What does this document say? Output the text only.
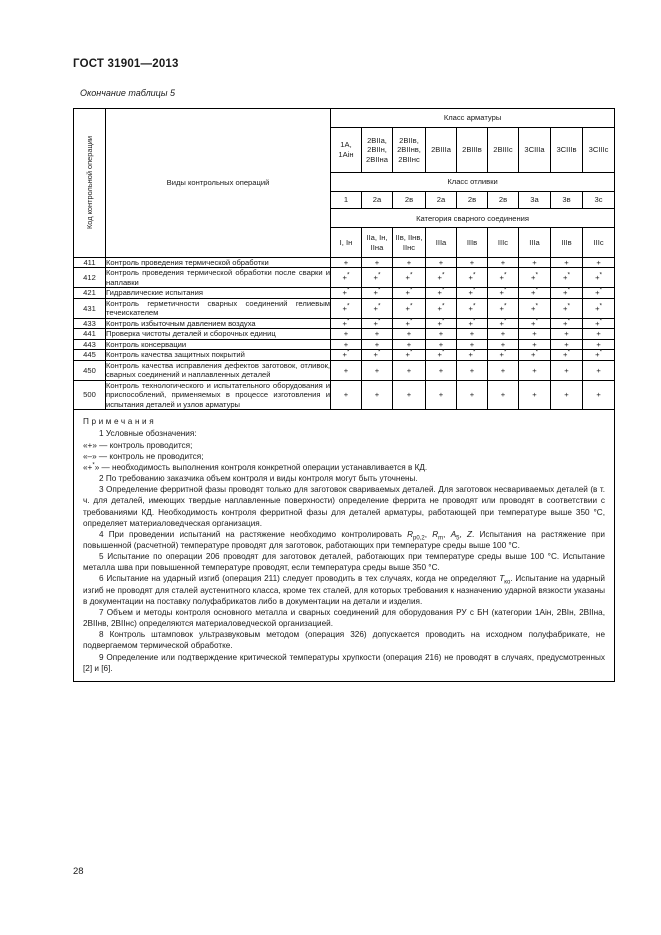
ГОСТ 31901—2013
Окончание таблицы 5
Код контрольной операции	Виды контрольных операций	Класс арматуры								
		1A,
1Aiн	2BIIа,
2BIIн,
2BIIна	2BIIв,
2BIIнв,
2BIIнс	2BIIIа	2BIIIв	2BIIIс	3CIIIа	3CIIIв	3CIIIс
		Класс отливки								
		1	2а	2в	2а	2в	2в	3а	3в	3с
		Категория сварного соединения								
		I, Iн	IIа, Iн,
IIна	IIв, IIнв,
IIнс	IIIа	IIIв	IIIс	IIIа	IIIв	IIIс
411	Контроль проведения термической обработки	+	+	+	+	+	+	+	+	+
412	Контроль проведения термической обработки после сварки и наплавки	+*	+*	+*	+*	+*	+*	+*	+*	+*
421	Гидравлические испытания	+*	+*	+*	+*	+*	+*	+*	+*	+*
431	Контроль герметичности сварных соединений гелиевым течеискателем	+*	+*	+*	+*	+*	+*	+*	+*	+*
433	Контроль избыточным давлением воздуха	+*	+*	+*	+*	+*	+*	+*	+*	+*
441	Проверка чистоты деталей и сборочных единиц	+	+	+	+	+	+	+	+	+
443	Контроль консервации	+	+	+	+	+	+	+	+	+
445	Контроль качества защитных покрытий	+*	+*	+*	+*	+*	+*	+*	+*	+*
450	Контроль качества исправления дефектов заготовок, отливок, сварных соединений и наплавленных деталей	+	+	+	+	+	+	+	+	+
500	Контроль технологического и испытательного оборудования и приспособлений, применяемых в процессе изготовления и испытания деталей и узлов арматуры	+	+	+	+	+	+	+	+	+
Примечания

1 Условные обозначения:

«+» — контроль проводится;

«–» — контроль не проводится;

«+*» — необходимость выполнения контроля конкретной операции устанавливается в КД.

2 По требованию заказчика объем контроля и виды контроля могут быть уточнены.

3 Определение ферритной фазы проводят только для заготовок свариваемых деталей. Для заготовок несвариваемых деталей (в т. ч. для деталей, имеющих твердые наплавленные поверхности) определение феррита не проводят или проводят в соответствии с требованиями КД. Необходимость контроля ферритной фазы для деталей арматуры, работающей при температуре выше 350 °С, определяет материаловедческая организация.

4 При проведении испытаний на растяжение необходимо контролировать $R_{p0,2}$, $R_m$, $A_5$, Z. Испытания на растяжение при повышенной (расчетной) температуре проводят для заготовок, работающих при температуре среды выше 100 °С.

5 Испытание по операции 206 проводят для заготовок деталей, работающих при температуре среды выше 100 °С. Испытание металла шва при повышенной температуре проводят, если температура среды выше 350 °С.

6 Испытание на ударный изгиб (операция 211) следует проводить в тех случаях, когда не определяют $T_{ко}$. Испытание на ударный изгиб не проводят для сталей аустенитного класса, кроме тех сталей, для которых требования к назначению ударной вязкости указаны в документации на поставку полуфабрикатов либо в документации на детали и изделия.

7 Объем и методы контроля основного металла и сварных соединений для оборудования РУ с БН (категории 1Aiн, 2BIн, 2BIIна, 2BIIнв, 2BIIнс) определяются материаловедческой организацией.

8 Контроль штамповок ультразвуковым методом (операция 326) допускается проводить на исходном полуфабрикате, не подвергаемом термической обработке.

9 Определение или подтверждение критической температуры хрупкости (операция 216) не проводят в случаях, предусмотренных [2] и [6].

28
